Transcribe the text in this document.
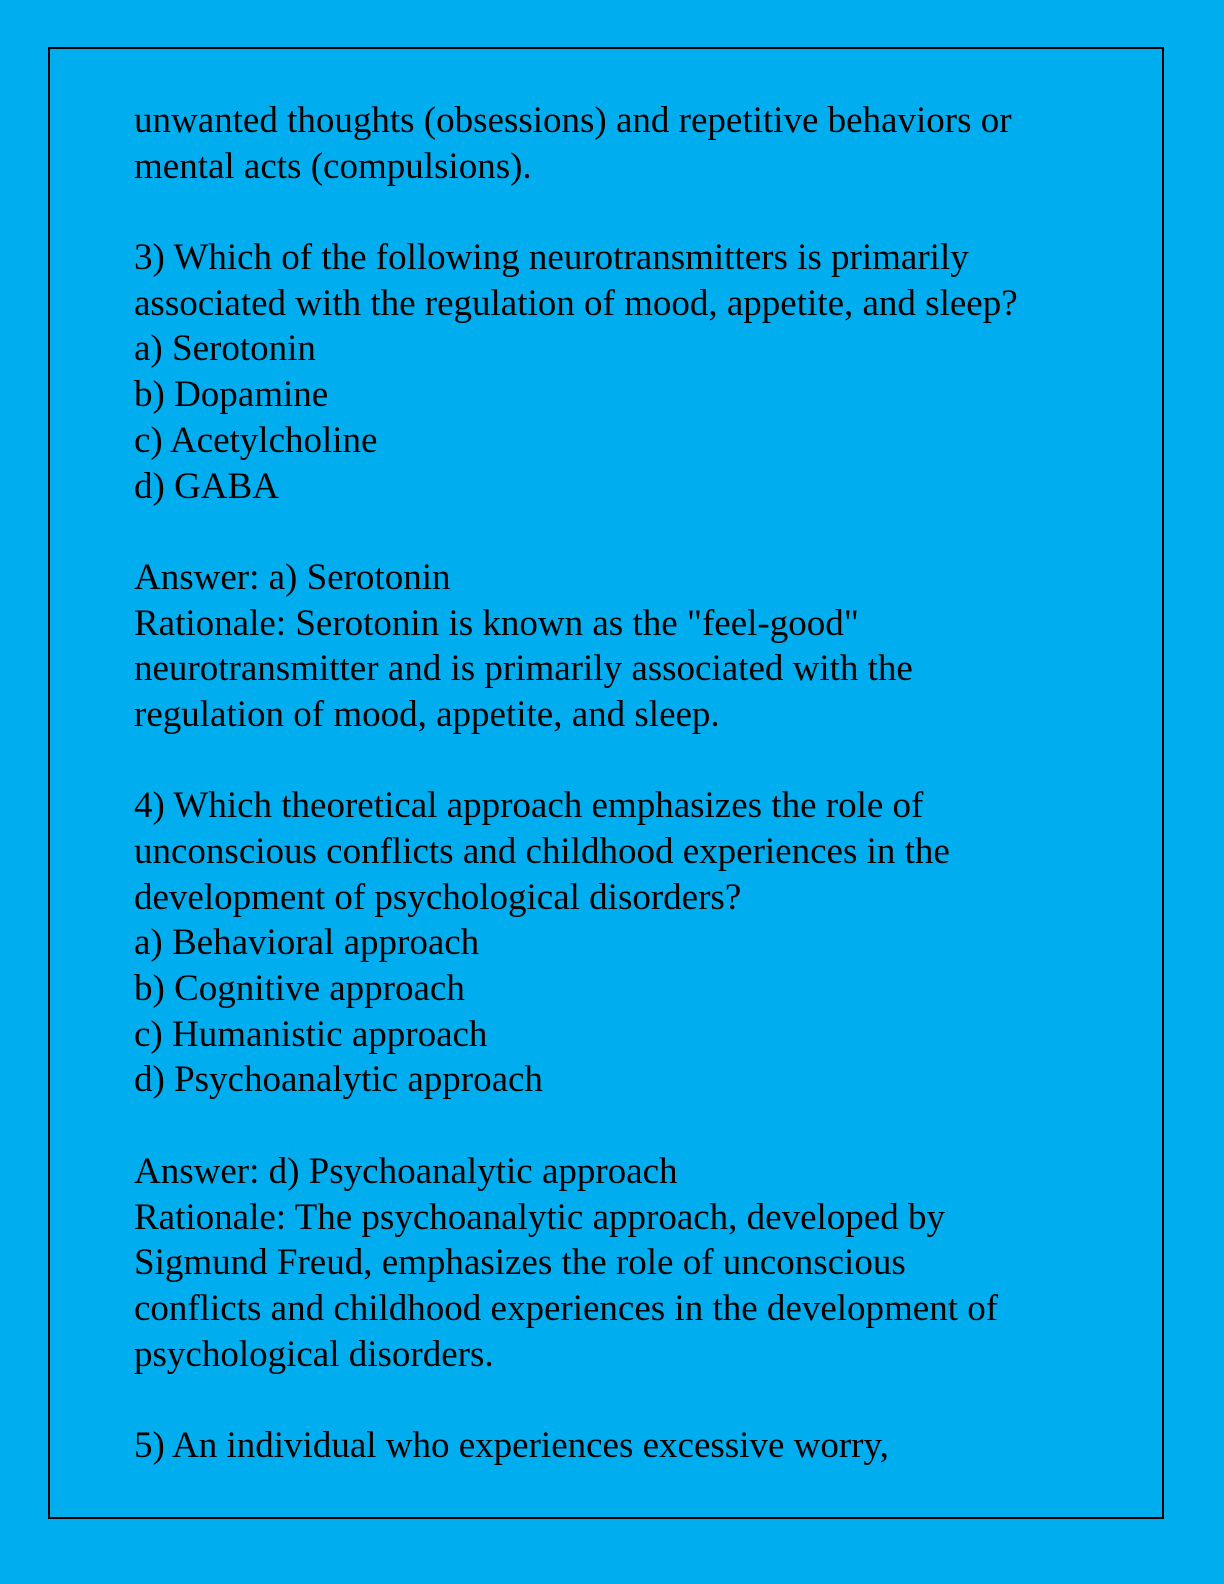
unwanted thoughts (obsessions) and repetitive behaviors or
mental acts (compulsions).
3) Which of the following neurotransmitters is primarily
associated with the regulation of mood, appetite, and sleep?
a) Serotonin
b) Dopamine
c) Acetylcholine
d) GABA
Answer: a) Serotonin
Rationale: Serotonin is known as the "feel-good"
neurotransmitter and is primarily associated with the
regulation of mood, appetite, and sleep.
4) Which theoretical approach emphasizes the role of
unconscious conflicts and childhood experiences in the
development of psychological disorders?
a) Behavioral approach
b) Cognitive approach
c) Humanistic approach
d) Psychoanalytic approach
Answer: d) Psychoanalytic approach
Rationale: The psychoanalytic approach, developed by
Sigmund Freud, emphasizes the role of unconscious
conflicts and childhood experiences in the development of
psychological disorders.
5) An individual who experiences excessive worry,
